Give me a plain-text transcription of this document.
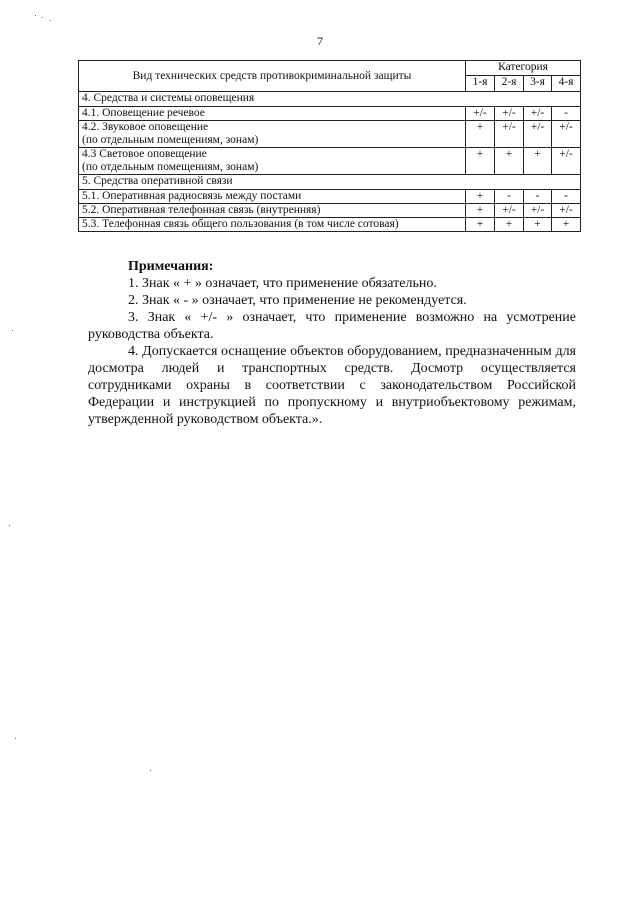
7
Вид технических средств противокриминальной защиты	Категория			
	1-я	2-я	3-я	4-я
4. Средства и системы оповещения				
4.1. Оповещение речевое	+/-	+/-	+/-	-

4.2. Звуковое оповещение
(по отдельным помещениям, зонам)	+	+/-	+/-	+/-

4.3 Световое оповещение
(по отдельным помещениям, зонам)	+	+	+	+/-
5. Средства оперативной связи				
5.1. Оперативная радиосвязь между постами	+	-	-	-
5.2. Оперативная телефонная связь (внутренняя)	+	+/-	+/-	+/-
5.3. Телефонная связь общего пользования (в том числе сотовая)	+	+	+	+

Примечания:

1. Знак « + » означает, что применение обязательно.

2. Знак « - » означает, что применение не рекомендуется.

3. Знак « +/- » означает, что применение возможно на усмотрение руководства объекта.

4. Допускается оснащение объектов оборудованием, предназначенным для досмотра людей и транспортных средств. Досмотр осуществляется сотрудниками охраны в соответствии с законодательством Российской Федерации и инструкцией по пропускному и внутриобъектовому режимам, утвержденной руководством объекта.».
